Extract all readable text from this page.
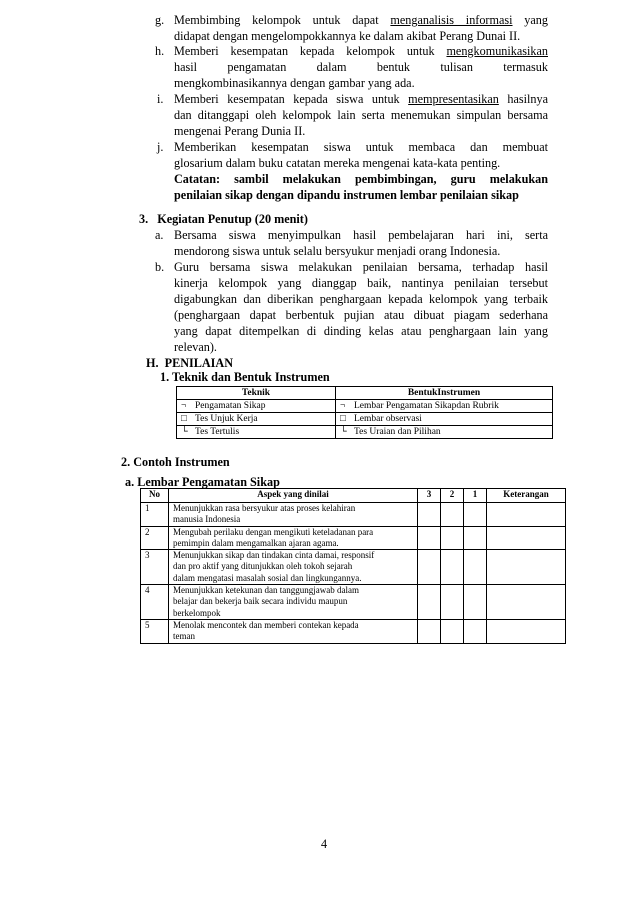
g. Membimbing kelompok untuk dapat menganalisis informasi yang
didapat dengan mengelompokkannya ke dalam akibat Perang Dunai II.
h. Memberi kesempatan kepada kelompok untuk mengkomunikasikan
hasil pengamatan dalam bentuk tulisan termasuk
mengkombinasikannya dengan gambar yang ada.
i. Memberi kesempatan kepada siswa untuk mempresentasikan hasilnya
dan ditanggapi oleh kelompok lain serta menemukan simpulan bersama
mengenai Perang Dunia II.
j. Memberikan kesempatan siswa untuk membaca dan membuat
glosarium dalam buku catatan mereka mengenai kata-kata penting.
Catatan: sambil melakukan pembimbingan, guru melakukan
penilaian sikap dengan dipandu instrumen lembar penilaian sikap
3.   Kegiatan Penutup (20 menit)
a. Bersama siswa menyimpulkan hasil pembelajaran hari ini, serta
mendorong siswa untuk selalu bersyukur menjadi orang Indonesia.
b. Guru bersama siswa melakukan penilaian bersama, terhadap hasil
kinerja kelompok yang dianggap baik, nantinya penilaian tersebut
digabungkan dan diberikan penghargaan kepada kelompok yang terbaik
(penghargaan dapat berbentuk pujian atau dibuat piagam sederhana
yang dapat ditempelkan di dinding kelas atau penghargaan lain yang
relevan).
H.  PENILAIAN
1. Teknik dan Bentuk Instrumen
Teknik	BentukInstrumen
¬ Pengamatan Sikap	¬ Lembar Pengamatan Sikapdan Rubrik
□ Tes Unjuk Kerja	□ Lembar observasi
└ Tes Tertulis	└ Tes Uraian dan Pilihan
2. Contoh Instrumen
a. Lembar Pengamatan Sikap
No	Aspek yang dinilai	3	2	1	Keterangan
1	Menunjukkan rasa bersyukur atas proses kelahiran
manusia Indonesia				

2	Mengubah perilaku dengan mengikuti keteladanan para
pemimpin dalam mengamalkan ajaran agama.				

3	Menunjukkan sikap dan tindakan cinta damai, responsif
dan pro aktif yang ditunjukkan oleh tokoh sejarah
dalam mengatasi masalah sosial dan lingkungannya.				

4	Menunjukkan ketekunan dan tanggungjawab dalam
belajar dan bekerja baik secara individu maupun
berkelompok				

5	Menolak mencontek dan memberi contekan kepada
teman				

4
